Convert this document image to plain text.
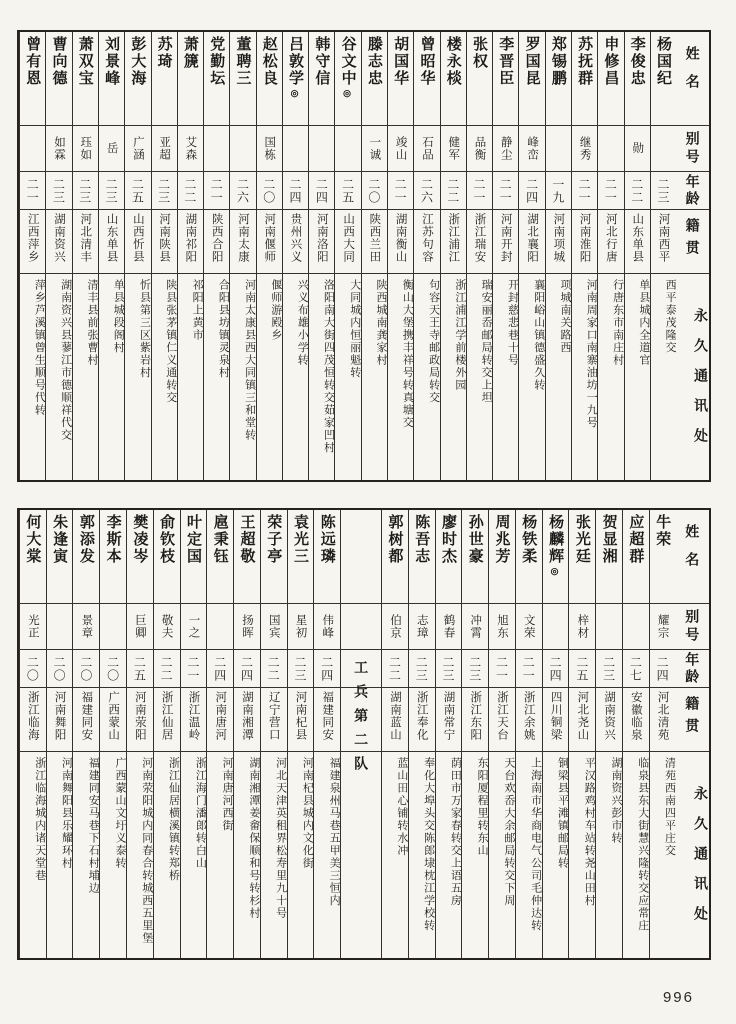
姓名
别号
年龄
籍贯
永久通讯处
杨国纪
二三
河南西平
西平泰茂隆交
李俊忠
勋
二二
山东单县
单县城内全道官
申修昌
二一
河北行唐
行唐东市南庄村
苏抚群
继秀
二一
河南淮阳
河南周家口南寨油坊一九号
郑锡鹏
一九
河南项城
项城南关路西
罗国昆
峰峦
二四
湖北襄阳
襄阳峪山镇德盛久转
李晋臣
静尘
二一
河南开封
开封慈悲巷十号
张权
品衡
二一
浙江瑞安
瑞安丽岙邮局转交上坦
楼永棪
健军
二二
浙江浦江
浙江浦江学前楼外园
曾昭华
石品
二六
江苏句容
句容天王寺邮政局转交
胡国华
竣山
二一
湖南衡山
衡山大堡携丰祥号转真塘交
滕志忠
一诚
二〇
陕西兰田
陕西城南龚家村
谷文中
◎
二五
山西大同
大同城内恒丽魁转
韩守信
二四
河南洛阳
洛阳南大街四茂恒转交茹家凹村
吕敦学
◎
二四
贵州兴义
兴义布雄小学转
赵松良
国栋
二〇
河南偃师
偃师游殿乡
董聘三
二六
河南太康
河南太康县西大同镇三和堂转
党勤坛
二一
陕西合阳
合阳县坊镇灵泉村
萧篪
艾森
二二
湖南祁阳
祁阳上黄市
苏琦
亚超
二三
河南陕县
陕县张茅镇仁义通转交
彭大海
广涵
二五
山西忻县
忻县第三区紫岩村
刘景峰
岳
二三
山东单县
单县城段阁村
萧双宝
珏如
二三
河北清丰
清丰县前张曹村
曹向德
如霖
二三
湖南资兴
湖南资兴县蓼江市德顺祥代交
曾有恩
二一
江西萍乡
萍乡芦溪镇曾生顺号代转
姓名
别号
年龄
籍贯
永久通讯处
牛荣
耀宗
二四
河北清苑
清苑西南四平庄交
应超群
二七
安徽临泉
临泉县东大街慧兴隆转交应常庄
贺显湘
二三
湖南资兴
湖南资兴彭市转
张光廷
梓材
二五
河北尧山
平汉路鸡村车站转尧山田村
杨麟辉
◎
二四
四川铜梁
铜梁县平滩镇邮局转
杨铁柔
文荣
二一
浙江余姚
上海南市华商电气公司毛仲达转
周兆芳
旭东
二一
浙江天台
天台欢岙大余邮局转交下周
孙世豪
冲霄
二三
浙江东阳
东阳厦程里转东山
廖时杰
鹤春
二三
湖南常宁
荫田市万家春转交上语五房
陈吾志
志璋
二三
浙江奉化
奉化大埠头交陈郎埭枕江学校转
郭树都
伯京
二二
湖南蓝山
蓝山田心铺转水冲
工兵第二队
陈远璘
伟峰
二四
福建同安
福建泉州马巷五甲美三恒内
袁光三
星初
二三
河南杞县
河南杞县城内文化街
荣子亭
国宾
二二
辽宁营口
河北天津英租界松寿里九十号
王超敬
扬晖
二四
湖南湘潭
湖南湘潭姜畲保顺和号转杉村
扈秉钰
二四
河南唐河
河南唐河西街
叶定国
一之
二一
浙江温岭
浙江海门潘郎转白山
俞钦枝
敬夫
二二
浙江仙居
浙江仙居横溪镇转郑桥
樊凌岑
巨卿
二五
河南荥阳
河南荥阳城内同春合转城西五里堡
李斯本
二〇
广西蒙山
广西蒙山文圩义泰转
郭添发
景章
二〇
福建同安
福建同安马巷下石村埔边
朱逢寅
二〇
河南舞阳
河南舞阳县乐耀环村
何大棠
光正
二〇
浙江临海
浙江临海城内诸天堂巷
996
